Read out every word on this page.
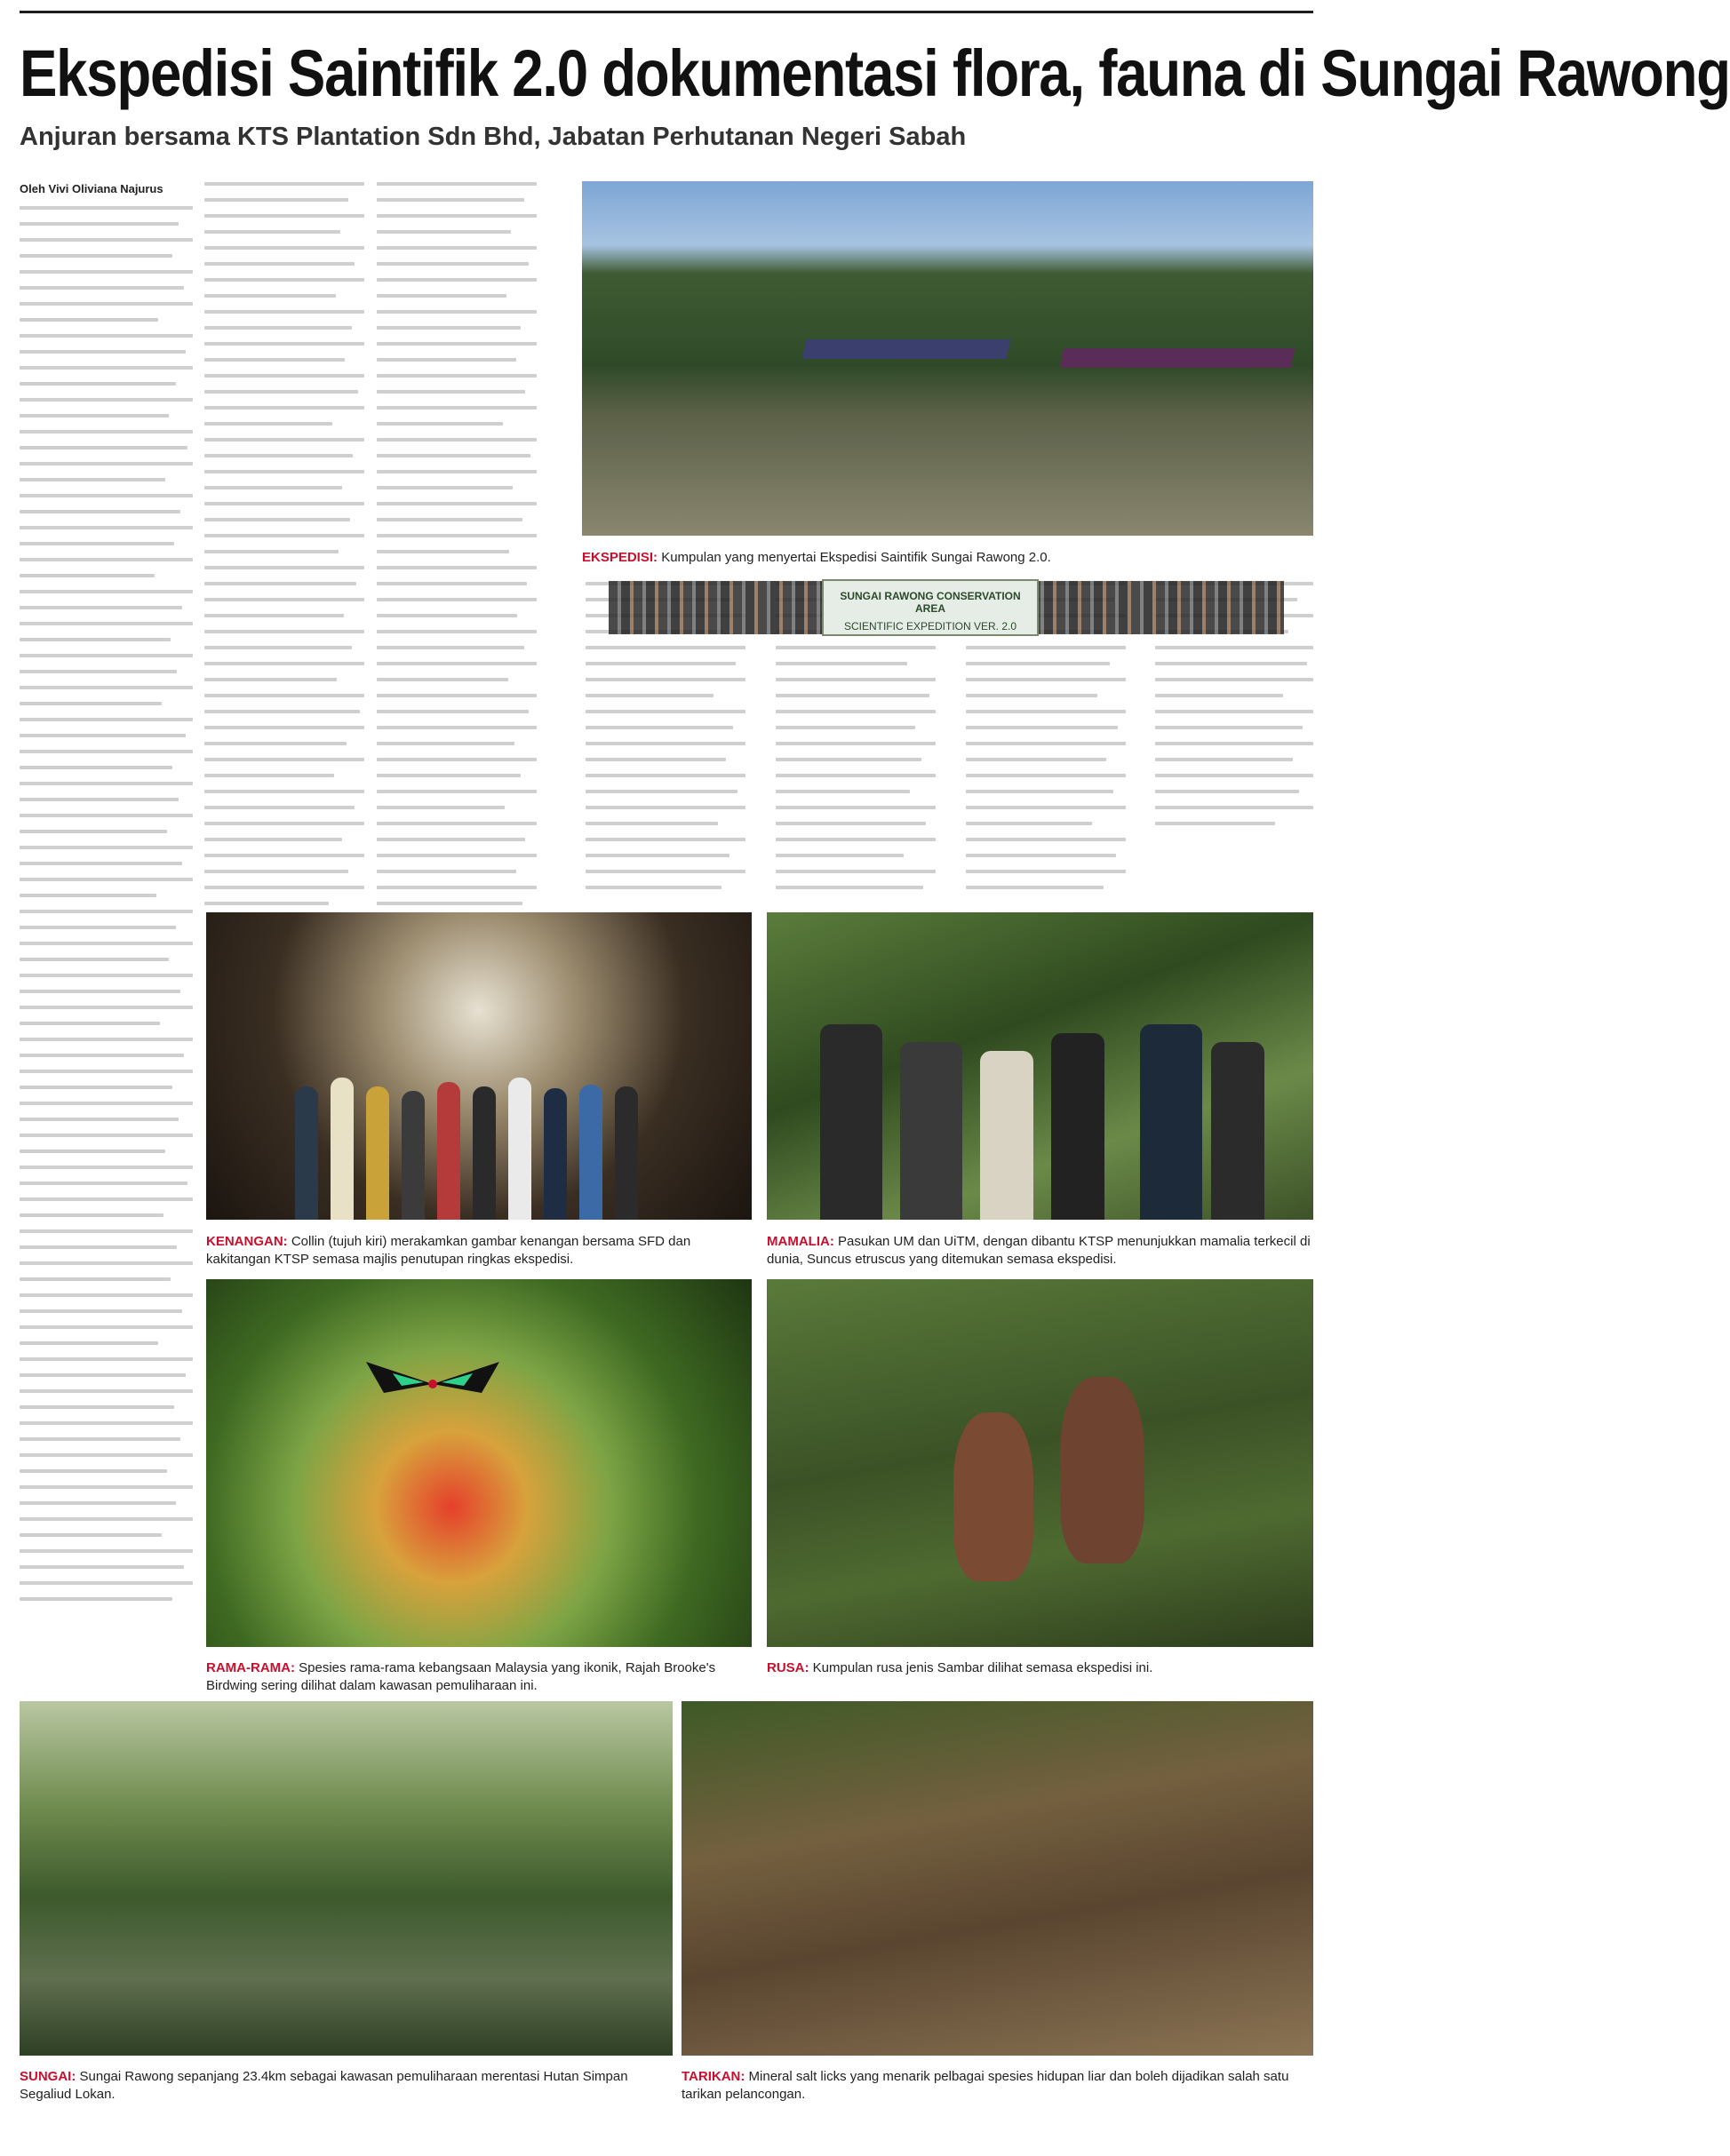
Ekspedisi Saintifik 2.0 dokumentasi flora, fauna di Sungai Rawong
Anjuran bersama KTS Plantation Sdn Bhd, Jabatan Perhutanan Negeri Sabah
Oleh Vivi Oliviana Najurus
SUNGAI RAWONG CONSERVATION AREA
SCIENTIFIC EXPEDITION VER. 2.0

EKSPEDISI: Kumpulan yang menyertai Ekspedisi Saintifik Sungai Rawong 2.0.

KENANGAN: Collin (tujuh kiri) merakamkan gambar kenangan bersama SFD dan kakitangan KTSP semasa majlis penutupan ringkas ekspedisi.

MAMALIA: Pasukan UM dan UiTM, dengan dibantu KTSP menunjukkan mamalia terkecil di dunia, Suncus etruscus yang ditemukan semasa ekspedisi.

RAMA-RAMA: Spesies rama-rama kebangsaan Malaysia yang ikonik, Rajah Brooke's Birdwing sering dilihat dalam kawasan pemuliharaan ini.

RUSA: Kumpulan rusa jenis Sambar dilihat semasa ekspedisi ini.

SUNGAI: Sungai Rawong sepanjang 23.4km sebagai kawasan pemuliharaan merentasi Hutan Simpan Segaliud Lokan.

TARIKAN: Mineral salt licks yang menarik pelbagai spesies hidupan liar dan boleh dijadikan salah satu tarikan pelancongan.
